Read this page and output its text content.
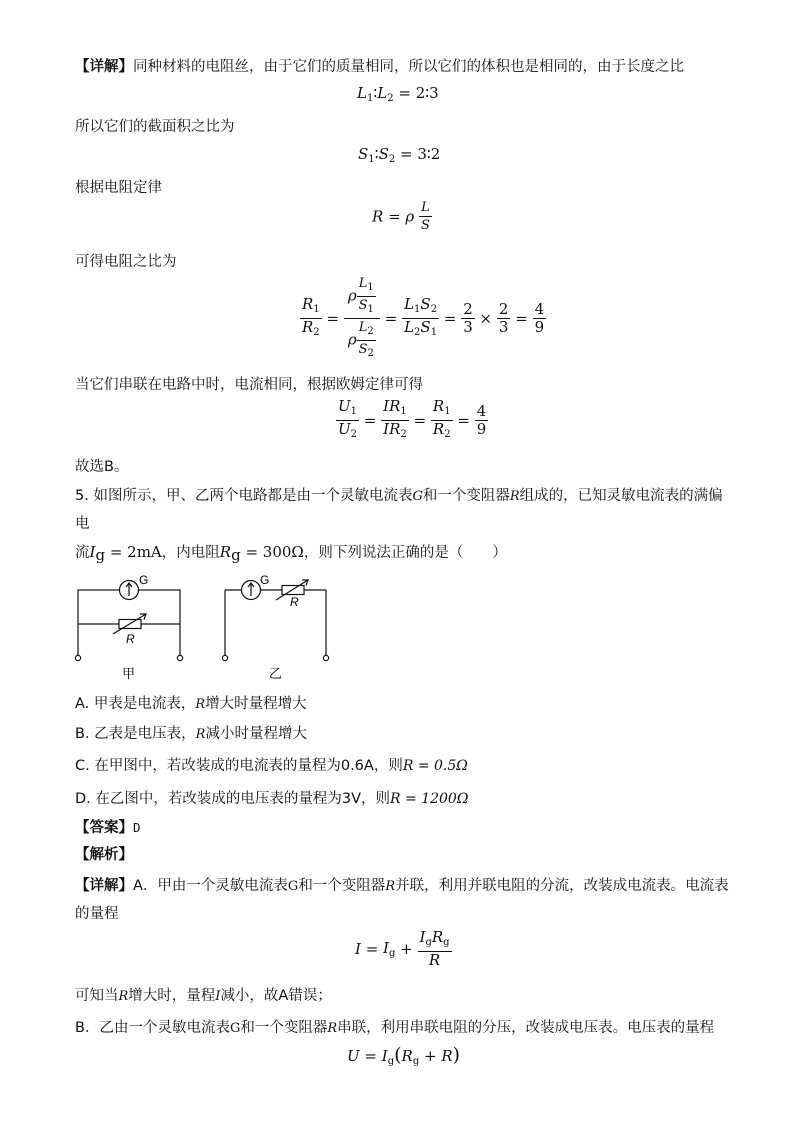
【详解】同种材料的电阻丝，由于它们的质量相同，所以它们的体积也是相同的，由于长度之比
$L_1∶L_2$ = 2∶3
所以它们的截面积之比为
$S_1∶S_2$ = 3∶2
根据电阻定律
R = ρ $\frac{L}{S}$
可得电阻之比为
$\frac{R_1}{R_2} = \frac{\rho \frac{L_1}{S_1}}{\rho \frac{L_2}{S_2}} = \frac{L_1S_2}{L_2S_1} = \frac{2}{3} \times \frac{2}{3} = \frac{4}{9}$
当它们串联在电路中时，电流相同，根据欧姆定律可得
$\frac{U_1}{U_2} = \frac{IR_1}{IR_2} = \frac{R_1}{R_2} = \frac{4}{9}$
故选B。
5. 如图所示，甲、乙两个电路都是由一个灵敏电流表G和一个变阻器R组成的，已知灵敏电流表的满偏
电
流$I_g = 2mA$，内电阻$R_g = 300\Omega$，则下列说法正确的是（　　）
G
R
G
R
甲	乙
A. 甲表是电流表，R增大时量程增大
B. 乙表是电压表，R减小时量程增大
C. 在甲图中，若改装成的电流表的量程为0.6A，则R = 0.5Ω
D. 在乙图中，若改装成的电压表的量程为3V，则R = 1200Ω
【答案】D
【解析】
【详解】A．甲由一个灵敏电流表G和一个变阻器R并联，利用并联电阻的分流，改装成电流表。电流表
的量程
$I = I_g + \frac{I_gR_g}{R}$
可知当R增大时，量程I减小，故A错误；
B．乙由一个灵敏电流表G和一个变阻器R串联，利用串联电阻的分压，改装成电压表。电压表的量程
$U = I_g(R_g + R)$
